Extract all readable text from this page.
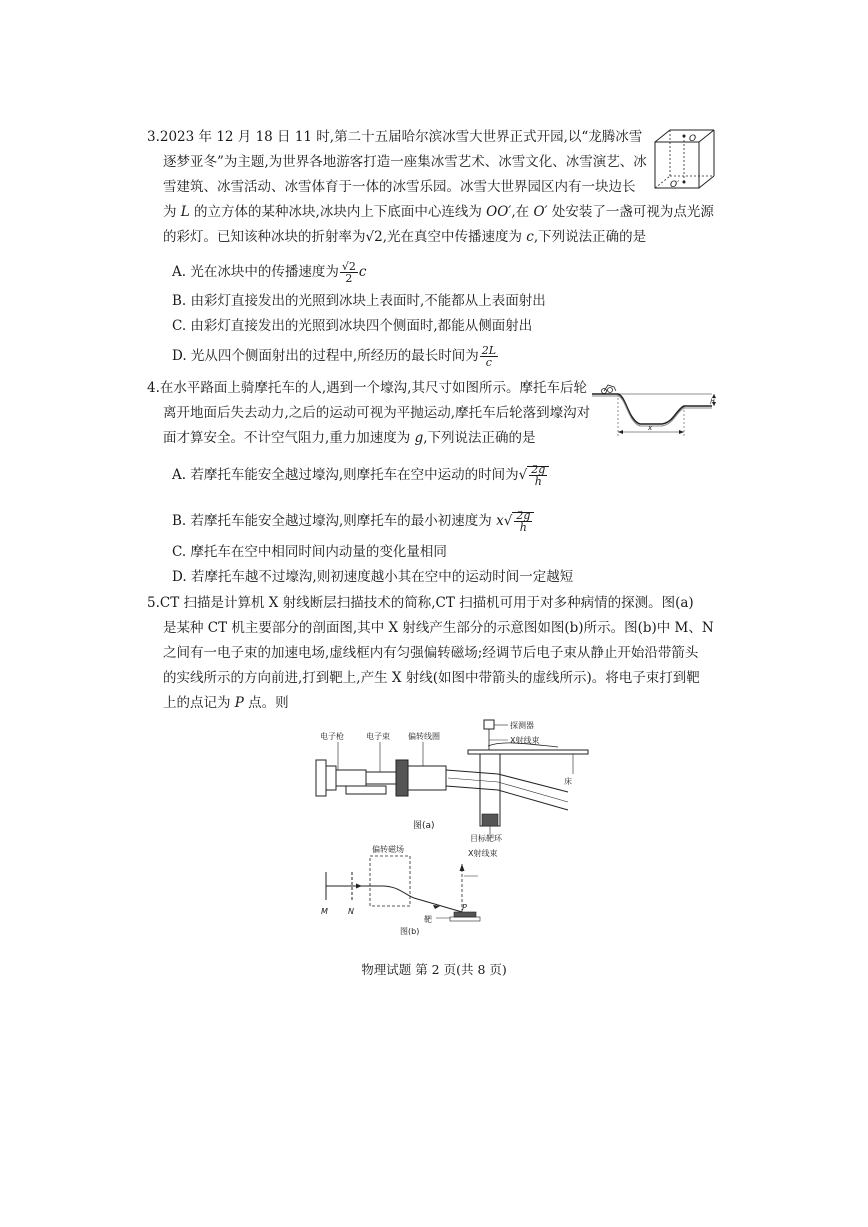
3.2023 年 12 月 18 日 11 时,第二十五届哈尔滨冰雪大世界正式开园,以“龙腾冰雪
逐梦亚冬”为主题,为世界各地游客打造一座集冰雪艺术、冰雪文化、冰雪演艺、冰
雪建筑、冰雪活动、冰雪体育于一体的冰雪乐园。冰雪大世界园区内有一块边长
为 L 的立方体的某种冰块,冰块内上下底面中心连线为 OO′,在 O′ 处安装了一盏可视为点光源
的彩灯。已知该种冰块的折射率为√2,光在真空中传播速度为 c,下列说法正确的是
O
O′
A. 光在冰块中的传播速度为 $\frac{√2}{2}$ c
B. 由彩灯直接发出的光照到冰块上表面时,不能都从上表面射出
C. 由彩灯直接发出的光照到冰块四个侧面时,都能从侧面射出
D. 光从四个侧面射出的过程中,所经历的最长时间为 $\frac{2L}{c}$
4.在水平路面上骑摩托车的人,遇到一个壕沟,其尺寸如图所示。摩托车后轮
离开地面后失去动力,之后的运动可视为平抛运动,摩托车后轮落到壕沟对
面才算安全。不计空气阻力,重力加速度为 g,下列说法正确的是
h
x
A. 若摩托车能安全越过壕沟,则摩托车在空中运动的时间为√ $\frac{2g}{h}$
B. 若摩托车能安全越过壕沟,则摩托车的最小初速度为 $x√ \frac{2g}{h}$
C. 摩托车在空中相同时间内动量的变化量相同
D. 若摩托车越不过壕沟,则初速度越小其在空中的运动时间一定越短
5.CT 扫描是计算机 X 射线断层扫描技术的简称,CT 扫描机可用于对多种病情的探测。图(a)
是某种 CT 机主要部分的剖面图,其中 X 射线产生部分的示意图如图(b)所示。图(b)中 M、N
之间有一电子束的加速电场,虚线框内有匀强偏转磁场;经调节后电子束从静止开始沿带箭头
的实线所示的方向前进,打到靶上,产生 X 射线(如图中带箭头的虚线所示)。将电子束打到靶
上的点记为 P 点。则
电子枪	电子束 偏转线圈
探测器
X射线束
床
目标靶环
图(a)
偏转磁场	X射线束
M	N	P
靶
图(b)
物理试题 第 2 页(共 8 页)
